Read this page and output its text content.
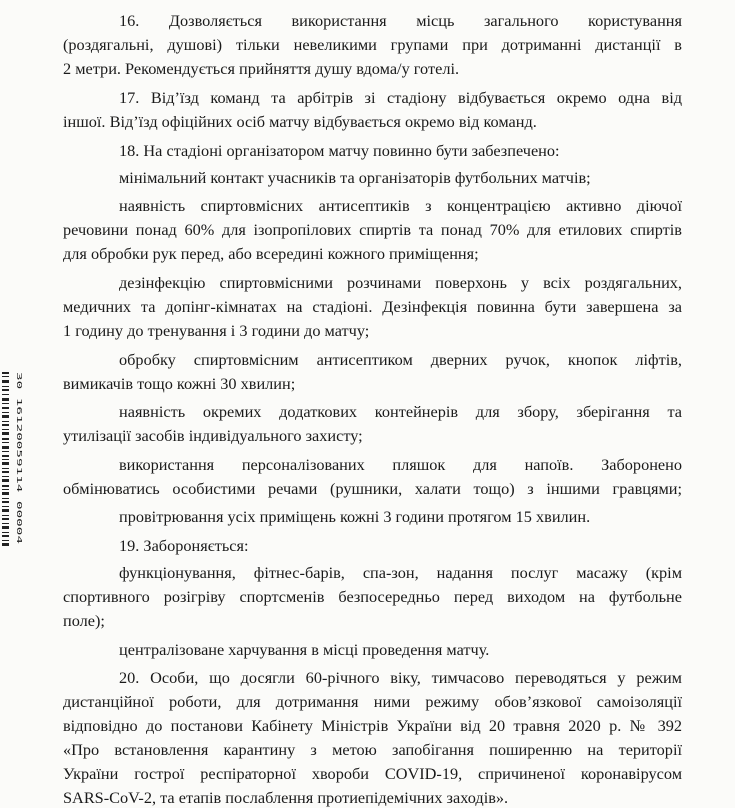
16. Дозволяється використання місць загального користування
(роздягальні, душові) тільки невеликими групами при дотриманні дистанції в
2 метри. Рекомендується прийняття душу вдома/у готелі.
17. Від’їзд команд та арбітрів зі стадіону відбувається окремо одна від
іншої. Від’їзд офіційних осіб матчу відбувається окремо від команд.
18. На стадіоні організатором матчу повинно бути забезпечено:
мінімальний контакт учасників та організаторів футбольних матчів;
наявність спиртовмісних антисептиків з концентрацією активно діючої
речовини понад 60% для ізопропілових спиртів та понад 70% для етилових спиртів
для обробки рук перед, або всередині кожного приміщення;
дезінфекцію спиртовмісними розчинами поверхонь у всіх роздягальних,
медичних та допінг-кімнатах на стадіоні. Дезінфекція повинна бути завершена за
1 годину до тренування і 3 години до матчу;
обробку спиртовмісним антисептиком дверних ручок, кнопок ліфтів,
вимикачів тощо кожні 30 хвилин;
наявність окремих додаткових контейнерів для збору, зберігання та
утилізації засобів індивідуального захисту;
використання персоналізованих пляшок для напоїв. Заборонено
обмінюватись особистими речами (рушники, халати тощо) з іншими гравцями;
провітрювання усіх приміщень кожні 3 години протягом 15 хвилин.
19. Забороняється:
функціонування, фітнес-барів, спа-зон, надання послуг масажу (крім
спортивного розігріву спортсменів безпосередньо перед виходом на футбольне
поле);
централізоване харчування в місці проведення матчу.
20. Особи, що досягли 60-річного віку, тимчасово переводяться у режим
дистанційної роботи, для дотримання ними режиму обов’язкової самоізоляції
відповідно до постанови Кабінету Міністрів України від 20 травня 2020 р. № 392
«Про встановлення карантину з метою запобігання поширенню на території
України гострої респіраторної хвороби COVID-19, спричиненої коронавірусом
SARS-CoV-2, та етапів послаблення протиепідемічних заходів».
30 16120059114 00004
